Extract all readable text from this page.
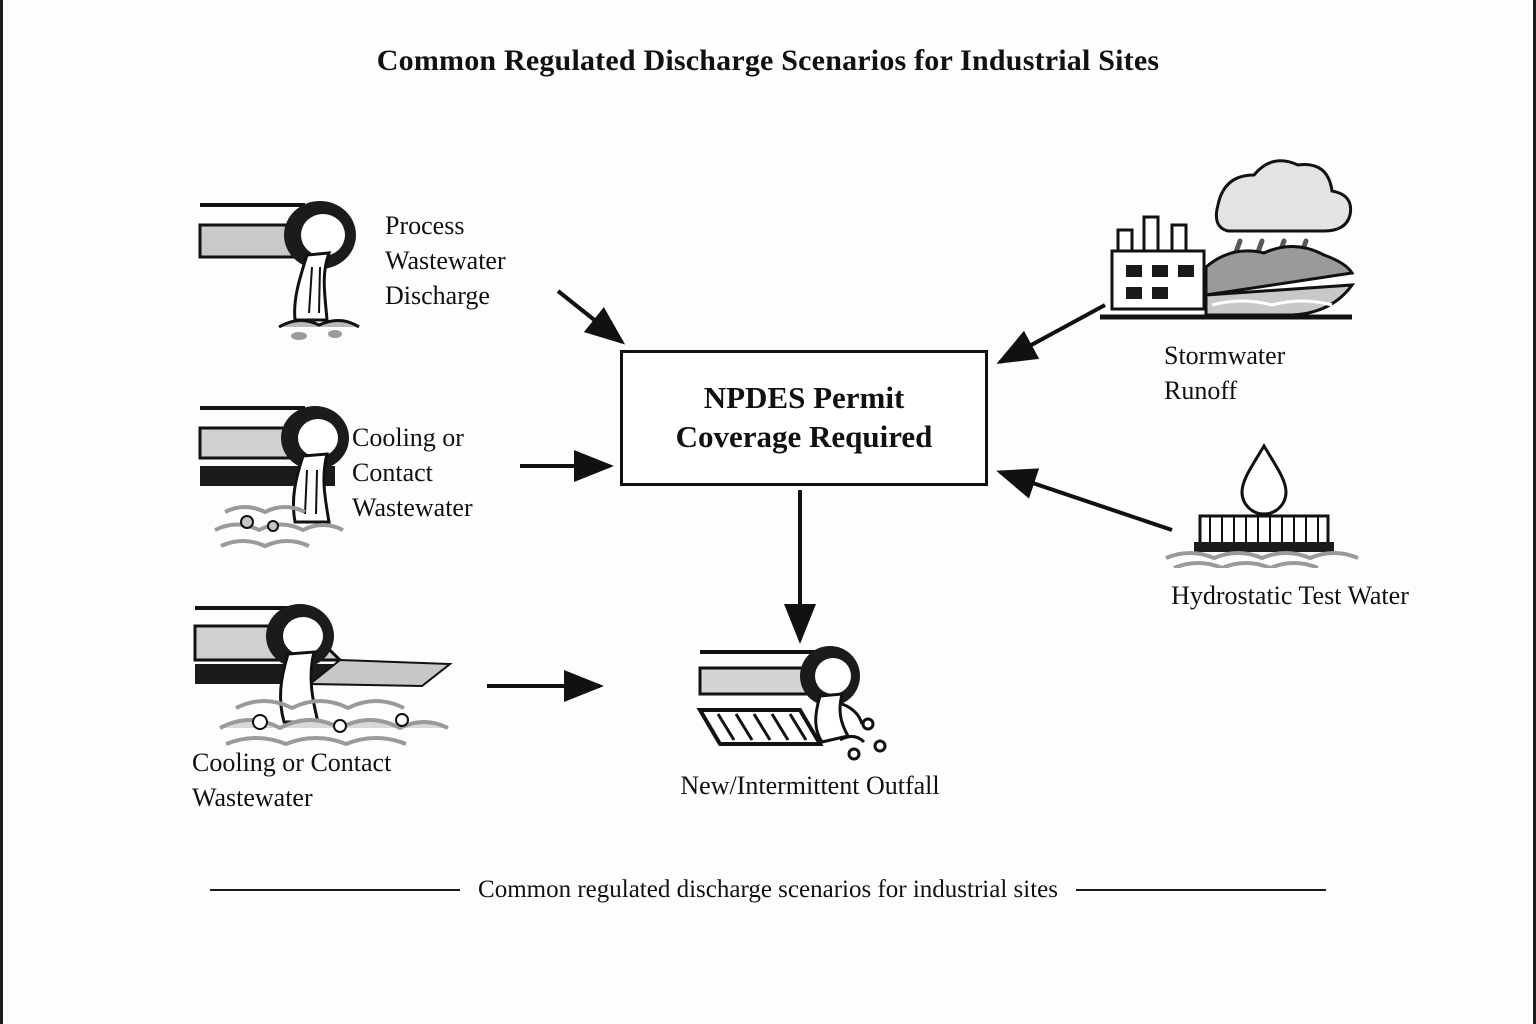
Common Regulated Discharge Scenarios for Industrial Sites
Process
Wastewater
Discharge
Cooling or
Contact
Wastewater
Cooling or Contact
Wastewater
Stormwater
Runoff
Hydrostatic Test Water
NPDES Permit
Coverage Required
New/Intermittent Outfall
Common regulated discharge scenarios for industrial sites
